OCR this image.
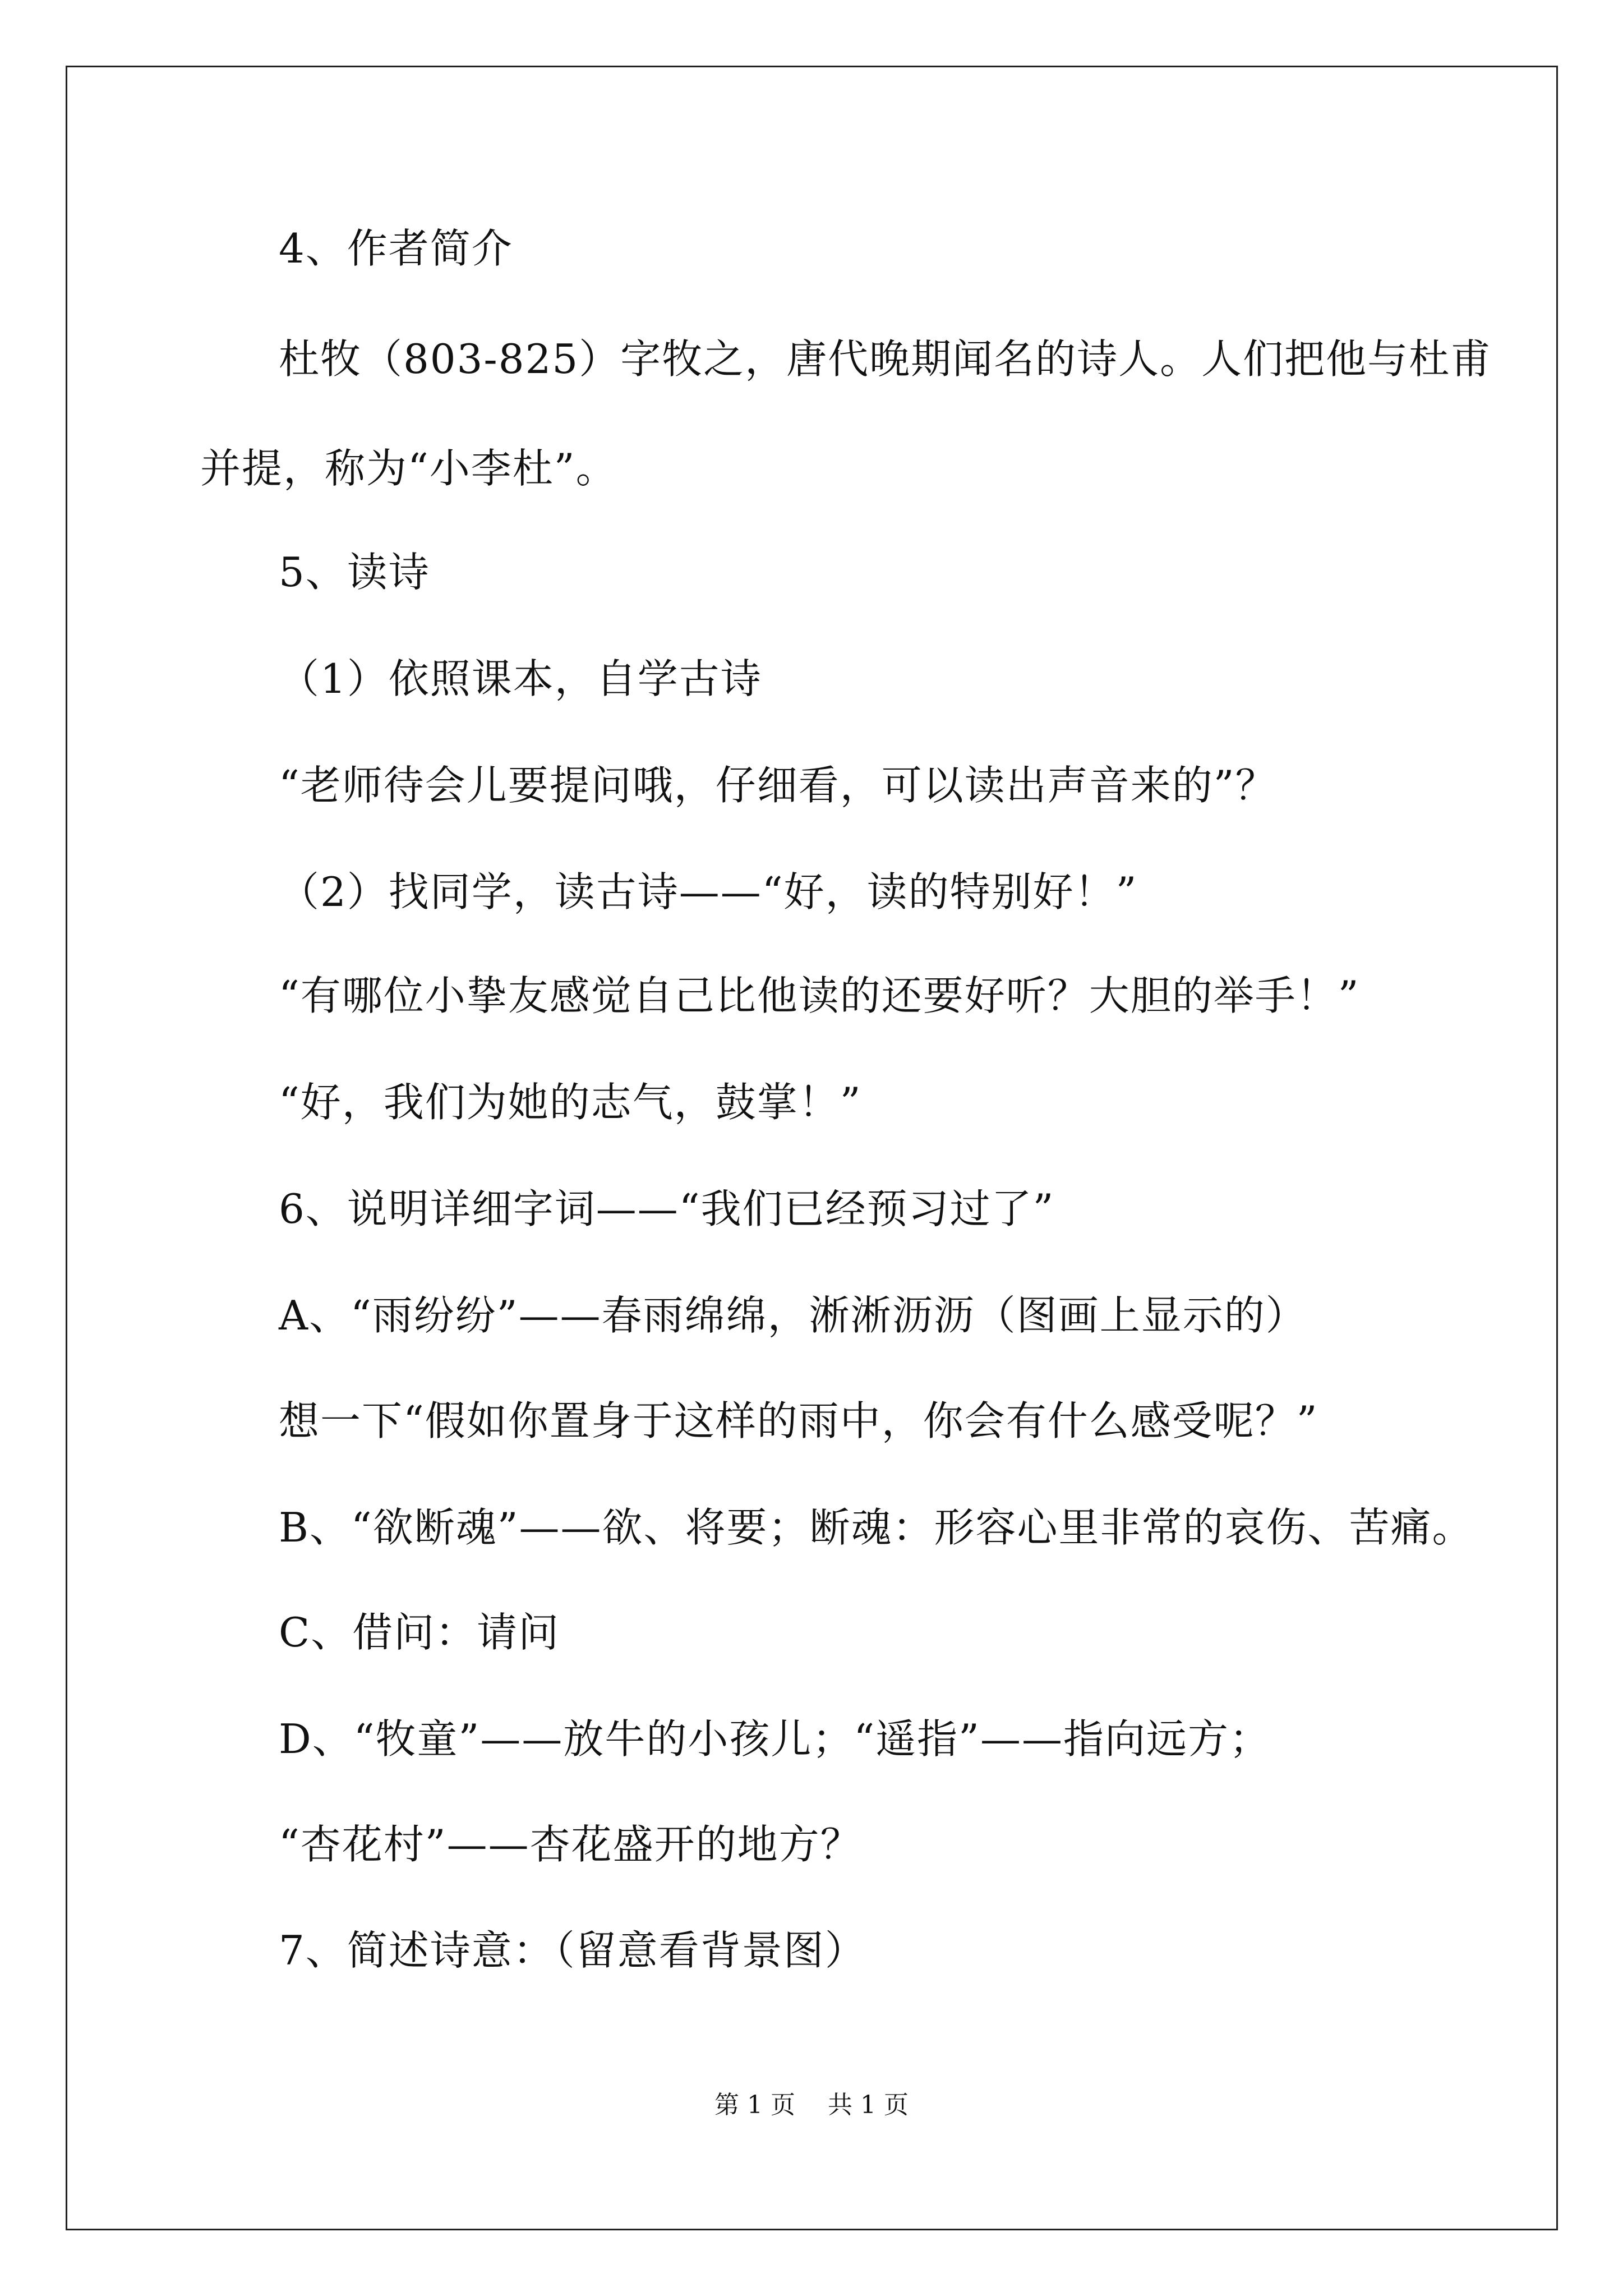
4、作者简介
杜牧（803-825）字牧之，唐代晚期闻名的诗人。人们把他与杜甫
并提，称为“小李杜”。
5、读诗
（1）依照课本，自学古诗
“老师待会儿要提问哦，仔细看，可以读出声音来的”？
（2）找同学，读古诗——“好，读的特别好！”
“有哪位小挚友感觉自己比他读的还要好听？大胆的举手！”
“好，我们为她的志气，鼓掌！”
6、说明详细字词——“我们已经预习过了”
A、“雨纷纷”——春雨绵绵，淅淅沥沥（图画上显示的）
想一下“假如你置身于这样的雨中，你会有什么感受呢？”
B、“欲断魂”——欲、将要；断魂：形容心里非常的哀伤、苦痛。
C、借问：请问
D、“牧童”——放牛的小孩儿；“遥指”——指向远方；
“杏花村”——杏花盛开的地方？
7、简述诗意：（留意看背景图）
第 1 页　 共 1 页
